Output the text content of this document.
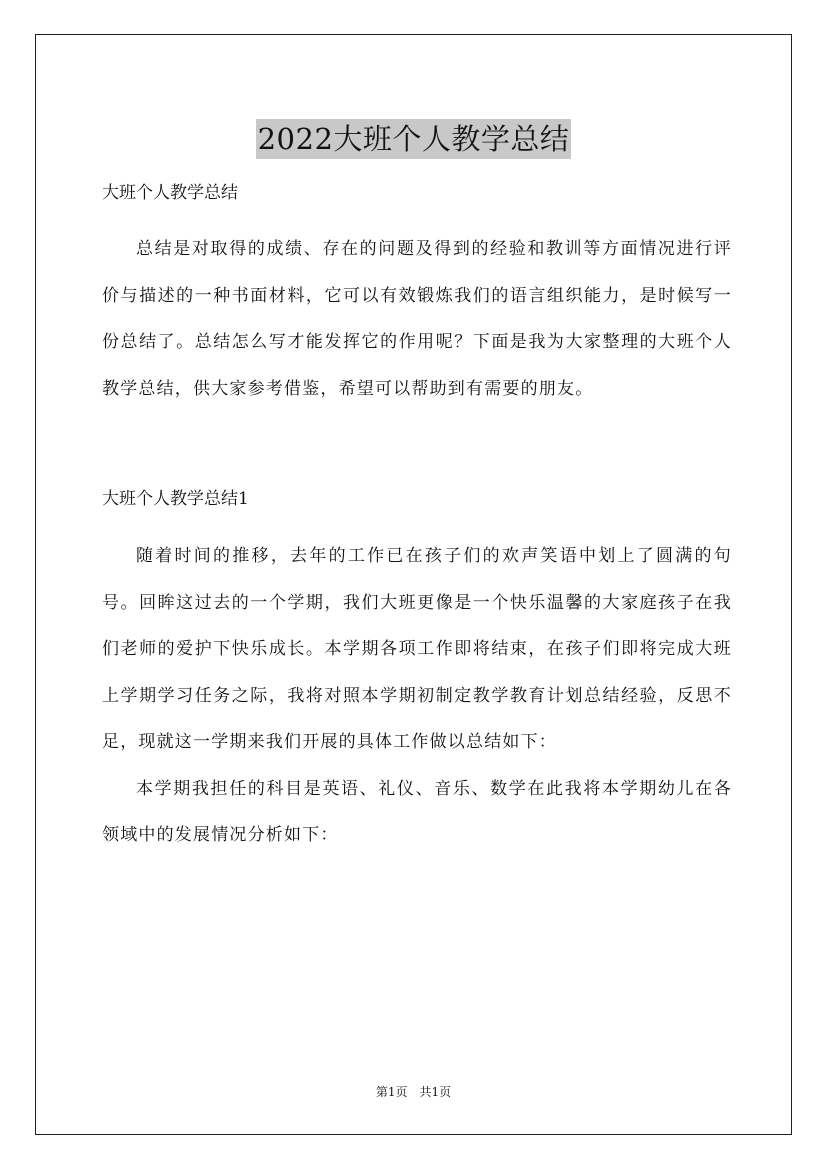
2022大班个人教学总结

大班个人教学总结

总结是对取得的成绩、存在的问题及得到的经验和教训等方面情况进行评价与描述的一种书面材料，它可以有效锻炼我们的语言组织能力，是时候写一份总结了。总结怎么写才能发挥它的作用呢？下面是我为大家整理的大班个人教学总结，供大家参考借鉴，希望可以帮助到有需要的朋友。

大班个人教学总结1

随着时间的推移，去年的工作已在孩子们的欢声笑语中划上了圆满的句号。回眸这过去的一个学期，我们大班更像是一个快乐温馨的大家庭孩子在我们老师的爱护下快乐成长。本学期各项工作即将结束，在孩子们即将完成大班上学期学习任务之际，我将对照本学期初制定教学教育计划总结经验，反思不足，现就这一学期来我们开展的具体工作做以总结如下：

本学期我担任的科目是英语、礼仪、音乐、数学在此我将本学期幼儿在各领域中的发展情况分析如下：

第1页 共1页
